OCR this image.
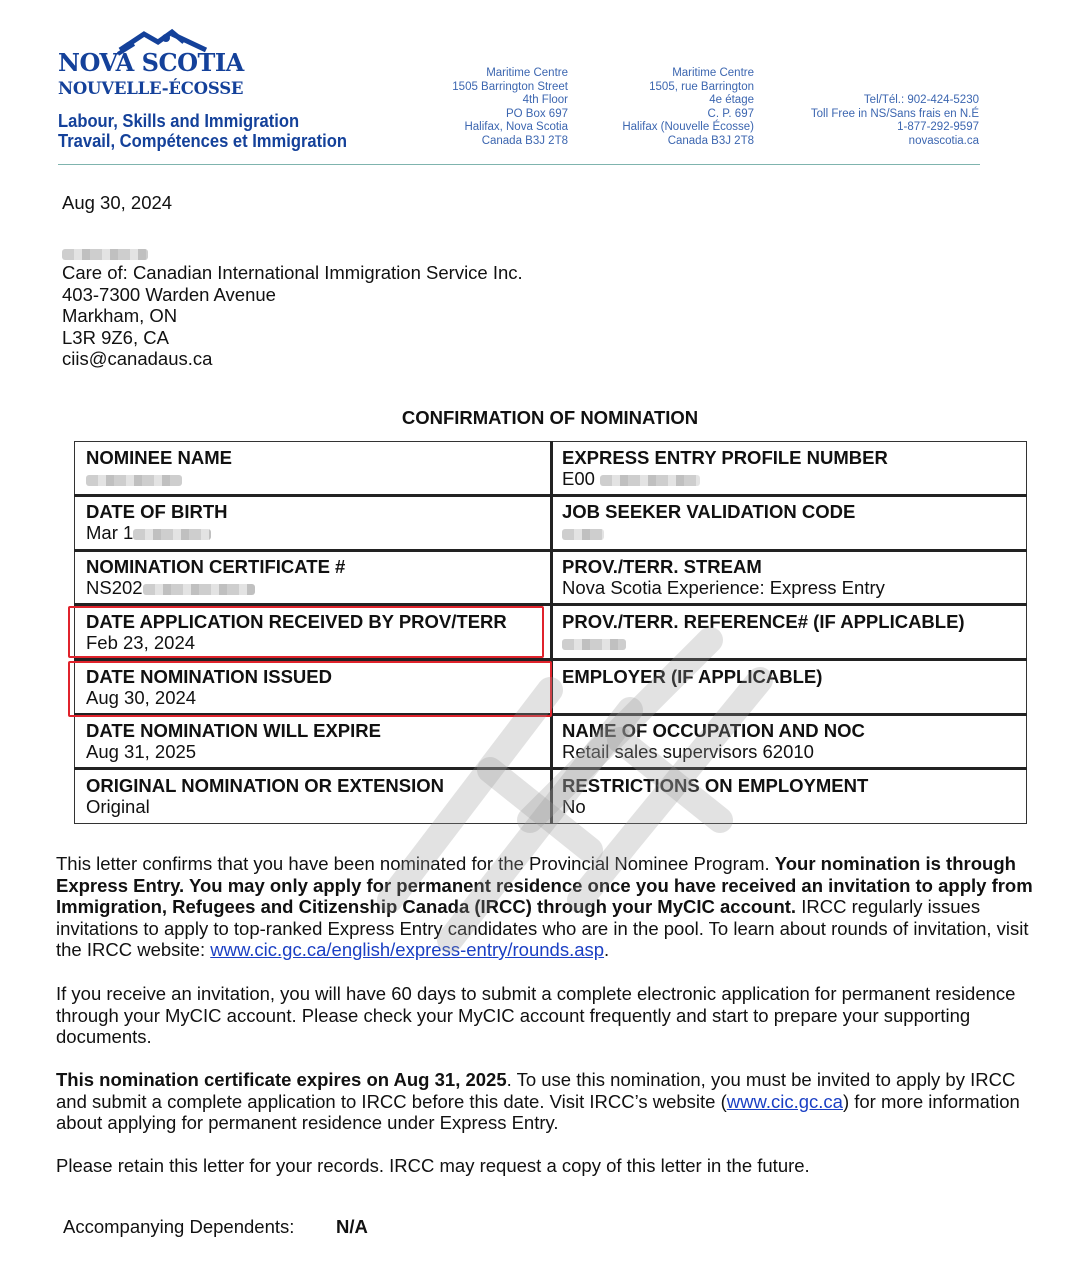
NOVA SCOTIA
NOUVELLE-ÉCOSSE
Labour, Skills and Immigration
Travail, Compétences et Immigration
Maritime Centre
1505 Barrington Street
4th Floor
PO Box 697
Halifax, Nova Scotia
Canada B3J 2T8
Maritime Centre
1505, rue Barrington
4e étage
C. P. 697
Halifax (Nouvelle Écosse)
Canada B3J 2T8
Tel/Tél.: 902-424-5230
Toll Free in NS/Sans frais en N.É
1-877-292-9597
novascotia.ca
Aug 30, 2024
Care of: Canadian International Immigration Service Inc.
403-7300 Warden Avenue
Markham, ON
L3R 9Z6, CA
ciis@canadaus.ca
CONFIRMATION OF NOMINATION
NOMINEE NAME	EXPRESS ENTRY PROFILE NUMBER
E00
DATE OF BIRTH
Mar 1
JOB SEEKER VALIDATION CODE
NOMINATION CERTIFICATE #
NS202
PROV./TERR. STREAM
Nova Scotia Experience: Express Entry
DATE APPLICATION RECEIVED BY PROV/TERR
Feb 23, 2024
PROV./TERR. REFERENCE# (IF APPLICABLE)
DATE NOMINATION ISSUED
Aug 30, 2024
EMPLOYER (IF APPLICABLE)
DATE NOMINATION WILL EXPIRE
Aug 31, 2025
NAME OF OCCUPATION AND NOC
Retail sales supervisors 62010
ORIGINAL NOMINATION OR EXTENSION
Original
RESTRICTIONS ON EMPLOYMENT
No
This letter confirms that you have been nominated for the Provincial Nominee Program. Your nomination is through Express Entry. You may only apply for permanent residence once you have received an invitation to apply from Immigration, Refugees and Citizenship Canada (IRCC) through your MyCIC account. IRCC regularly issues invitations to apply to top-ranked Express Entry candidates who are in the pool. To learn about rounds of invitation, visit the IRCC website: www.cic.gc.ca/english/express-entry/rounds.asp.
If you receive an invitation, you will have 60 days to submit a complete electronic application for permanent residence through your MyCIC account. Please check your MyCIC account frequently and start to prepare your supporting documents.
This nomination certificate expires on Aug 31, 2025. To use this nomination, you must be invited to apply by IRCC and submit a complete application to IRCC before this date. Visit IRCC’s website (www.cic.gc.ca) for more information about applying for permanent residence under Express Entry.
Please retain this letter for your records. IRCC may request a copy of this letter in the future.
Accompanying Dependents: N/A
